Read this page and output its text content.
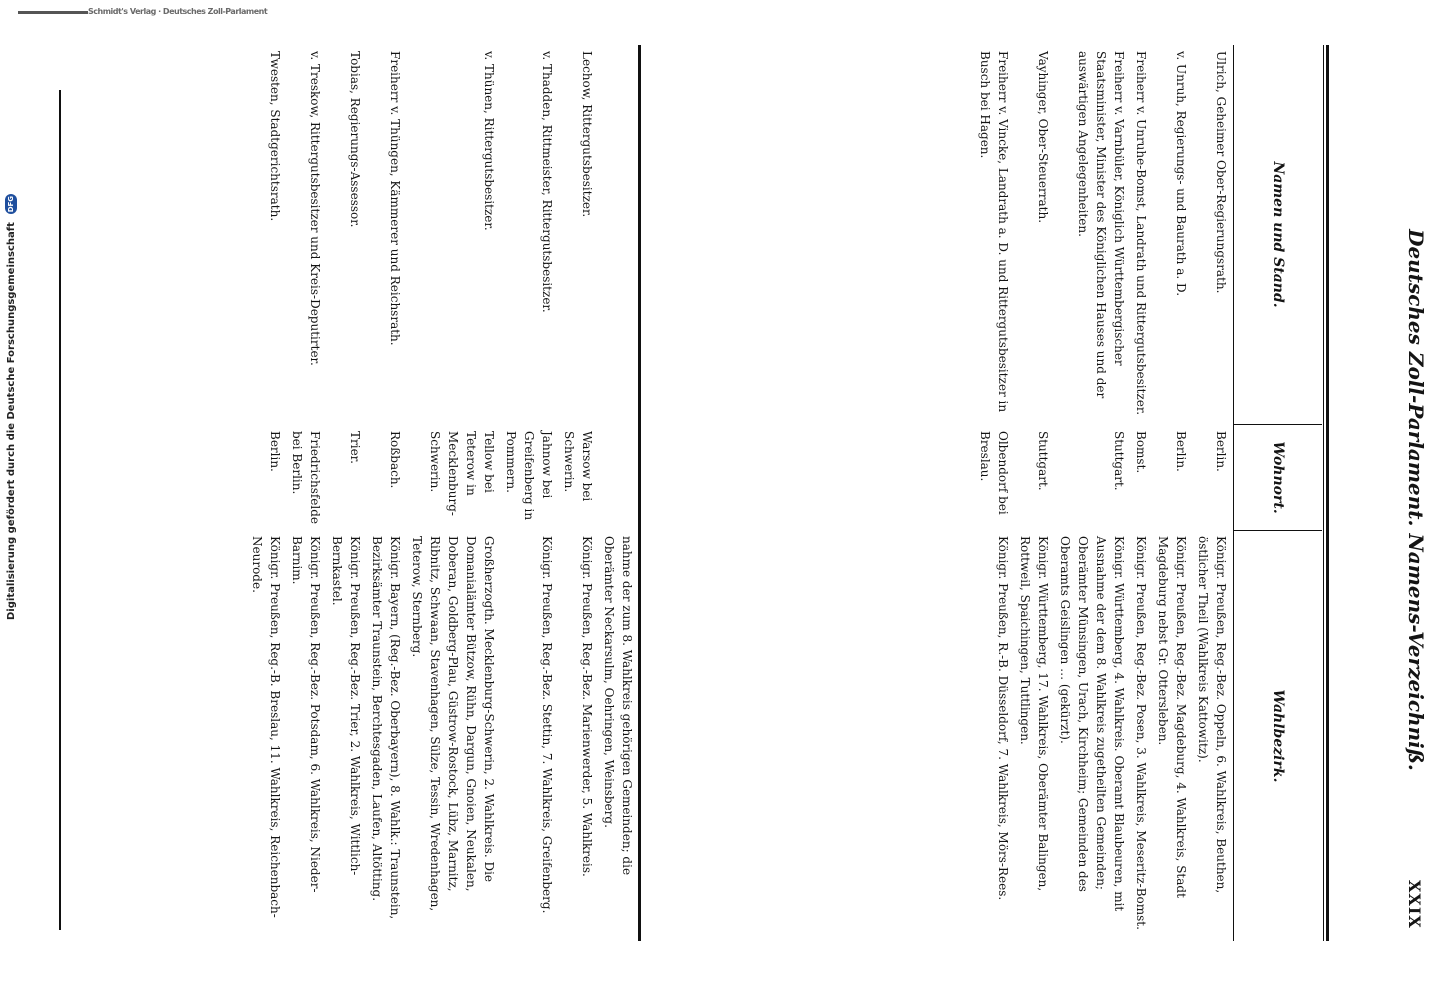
Schmidt's Verlag · Deutsches Zoll-Parlament
Digitalisierung gefördert durch die Deutsche Forschungsgemeinschaft
DFG
XXIX
Deutsches Zoll-Parlament. Namens-Verzeichniß.
Namen und Stand.
Wohnort.
Wahlbezirk.
Ulrich, Geheimer Ober-Regierungsrath.
Berlin.
Königr. Preußen, Reg.-Bez. Oppeln, 6. Wahlkreis, Beuthen, östlicher Theil (Wahlkreis Kattowitz).
v. Unruh, Regierungs- und Baurath a. D.
Berlin.
Königr. Preußen, Reg.-Bez. Magdeburg, 4. Wahlkreis, Stadt Magdeburg nebst Gr. Ottersleben.
Freiherr v. Unruhe-Bomst, Landrath und Rittergutsbesitzer.
Bomst.
Königr. Preußen, Reg.-Bez. Posen, 3. Wahlkreis, Meseritz-Bomst.
Freiherr v. Varnbüler, Königlich Württembergischer Staatsminister, Minister des Königlichen Hauses und der auswärtigen Angelegenheiten.
Stuttgart.
Königr. Württemberg, 4. Wahlkreis. Oberamt Blaubeuren, mit Ausnahme der dem 8. Wahlkreis zugetheilten Gemeinden; Oberämter Münsingen, Urach, Kirchheim; Gemeinden des Oberamts Geislingen … (gekürzt).
Vayhinger, Ober-Steuerrath.
Stuttgart.
Königr. Württemberg, 17. Wahlkreis, Oberämter Balingen, Rottweil, Spaichingen, Tuttlingen.
Freiherr v. Vincke, Landrath a. D. und Rittergutsbesitzer in Busch bei Hagen.
Olbendorf bei Breslau.
Königr. Preußen, R.-B. Düsseldorf, 7. Wahlkreis, Mörs-Rees.
nahme der zum 8. Wahlkreis gehörigen Gemeinden; die Oberämter Neckarsulm, Oehringen, Weinsberg.
Lechow, Rittergutsbesitzer.
Warsow bei Schwerin.
Königr. Preußen, Reg.-Bez. Marienwerder, 5. Wahlkreis.
v. Thadden, Rittmeister, Rittergutsbesitzer.
Jahnow bei Greifenberg in Pommern.
Königr. Preußen, Reg.-Bez. Stettin, 7. Wahlkreis, Greifenberg.
v. Thünen, Rittergutsbesitzer.
Tellow bei Teterow in Mecklenburg-Schwerin.
Großherzogth. Mecklenburg-Schwerin, 2. Wahlkreis. Die Domanialämter Bützow, Rühn, Dargun, Gnoien, Neukalen, Doberan, Goldberg-Plau, Güstrow-Rostock, Lübz, Marnitz, Ribnitz, Schwaan, Stavenhagen, Sülze, Tessin, Wredenhagen, Teterow, Sternberg.
Freiherr v. Thüngen, Kämmerer und Reichsrath.
Roßbach.
Königr. Bayern, (Reg.-Bez. Oberbayern), 8. Wahlk.: Traunstein, Bezirksämter Traunstein, Berchtesgaden, Laufen, Altötting.
Tobias, Regierungs-Assessor.
Trier.
Königr. Preußen, Reg.-Bez. Trier, 2. Wahlkreis, Wittlich-Bernkastel.
v. Treskow, Rittergutsbesitzer und Kreis-Deputirter.
Friedrichsfelde bei Berlin.
Königr. Preußen, Reg.-Bez. Potsdam, 6. Wahlkreis, Nieder-Barnim.
Twesten, Stadtgerichtsrath.
Berlin.
Königr. Preußen, Reg.-B. Breslau, 11. Wahlkreis, Reichenbach-Neurode.
